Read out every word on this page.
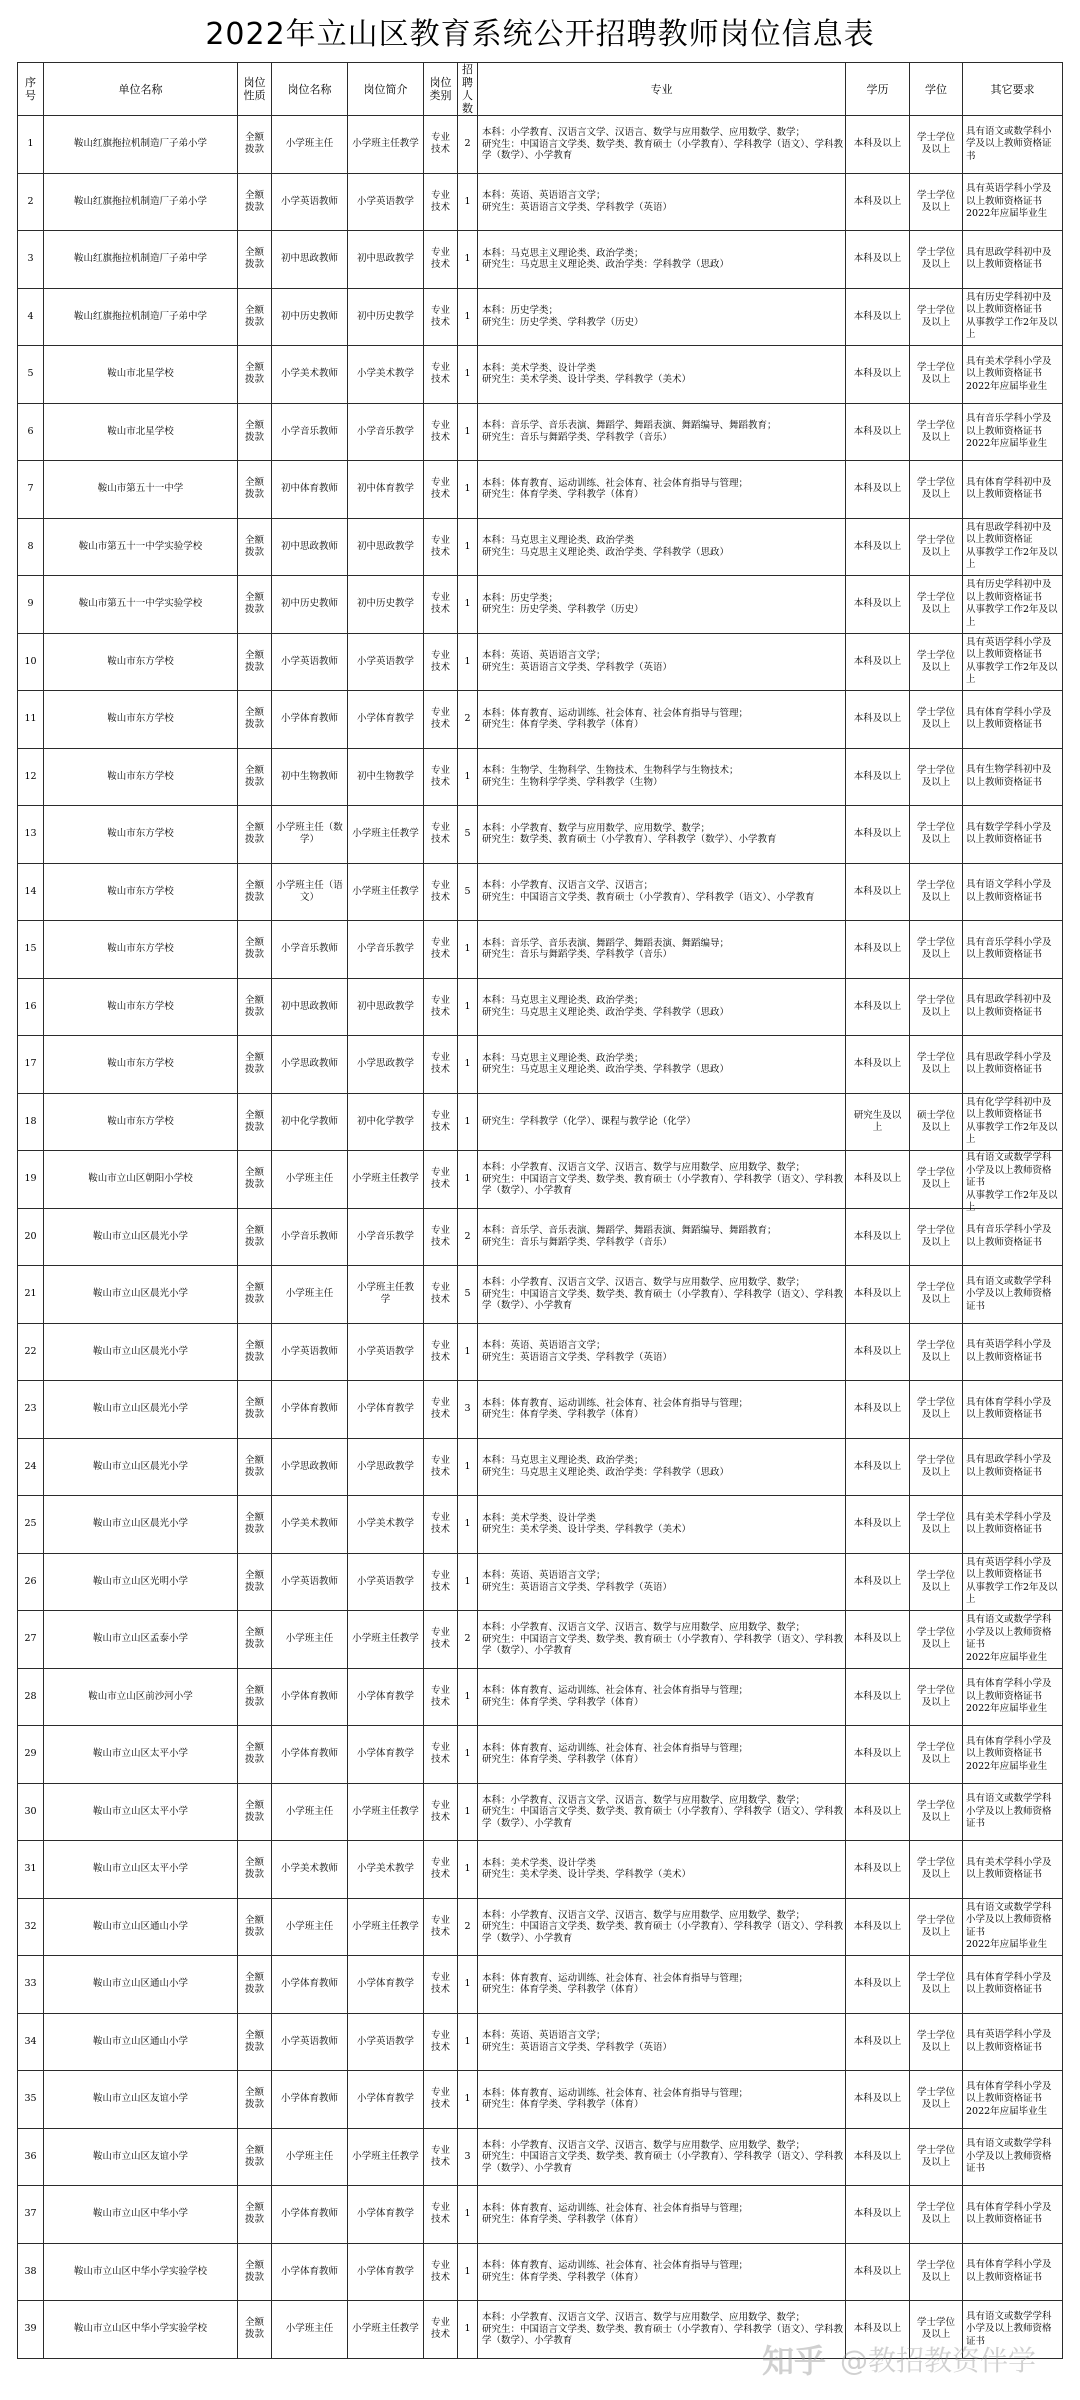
2022年立山区教育系统公开招聘教师岗位信息表
序号	单位名称	岗位
性质	岗位名称	岗位简介	岗位
类别	招聘
人数	专业	学历	学位	其它要求

1	鞍山红旗拖拉机制造厂子弟小学	全额
拨款	小学班主任	小学班主任教学	专业
技术	2	本科：小学教育、汉语言文学、汉语言、数学与应用数学、应用数学、数学；
研究生：中国语言文学类、数学类、教育硕士（小学教育）、学科教学（语文）、学科教学（数学）、小学教育	本科及以上	学士学位
及以上	具有语文或数学科小学及以上教师资格证书

2	鞍山红旗拖拉机制造厂子弟小学	全额
拨款	小学英语教师	小学英语教学	专业
技术	1	本科：英语、英语语言文学；
研究生：英语语言文学类、学科教学（英语）	本科及以上	学士学位
及以上	具有英语学科小学及以上教师资格证书
2022年应届毕业生

3	鞍山红旗拖拉机制造厂子弟中学	全额
拨款	初中思政教师	初中思政教学	专业
技术	1	本科：马克思主义理论类、政治学类；
研究生：马克思主义理论类、政治学类：学科教学（思政）	本科及以上	学士学位
及以上	具有思政学科初中及以上教师资格证书

4	鞍山红旗拖拉机制造厂子弟中学	全额
拨款	初中历史教师	初中历史教学	专业
技术	1	本科：历史学类；
研究生：历史学类、学科教学（历史）	本科及以上	学士学位
及以上	具有历史学科初中及以上教师资格证书
从事教学工作2年及以上

5	鞍山市北星学校	全额
拨款	小学美术教师	小学美术教学	专业
技术	1	本科：美术学类、设计学类
研究生：美术学类、设计学类、学科教学（美术）	本科及以上	学士学位
及以上	具有美术学科小学及以上教师资格证书
2022年应届毕业生

6	鞍山市北星学校	全额
拨款	小学音乐教师	小学音乐教学	专业
技术	1	本科：音乐学、音乐表演、舞蹈学、舞蹈表演、舞蹈编导、舞蹈教育；
研究生：音乐与舞蹈学类、学科教学（音乐）	本科及以上	学士学位
及以上	具有音乐学科小学及以上教师资格证书
2022年应届毕业生

7	鞍山市第五十一中学	全额
拨款	初中体育教师	初中体育教学	专业
技术	1	本科：体育教育、运动训练、社会体育、社会体育指导与管理；
研究生：体育学类、学科教学（体育）	本科及以上	学士学位
及以上	具有体育学科初中及以上教师资格证书

8	鞍山市第五十一中学实验学校	全额
拨款	初中思政教师	初中思政教学	专业
技术	1	本科：马克思主义理论类、政治学类
研究生：马克思主义理论类、政治学类、学科教学（思政）	本科及以上	学士学位
及以上	具有思政学科初中及以上教师资格证
从事教学工作2年及以上

9	鞍山市第五十一中学实验学校	全额
拨款	初中历史教师	初中历史教学	专业
技术	1	本科：历史学类；
研究生：历史学类、学科教学（历史）	本科及以上	学士学位
及以上	具有历史学科初中及以上教师资格证书
从事教学工作2年及以上

10	鞍山市东方学校	全额
拨款	小学英语教师	小学英语教学	专业
技术	1	本科：英语、英语语言文学；
研究生：英语语言文学类、学科教学（英语）	本科及以上	学士学位
及以上	具有英语学科小学及以上教师资格证书
从事教学工作2年及以上

11	鞍山市东方学校	全额
拨款	小学体育教师	小学体育教学	专业
技术	2	本科：体育教育、运动训练、社会体育、社会体育指导与管理；
研究生：体育学类、学科教学（体育）	本科及以上	学士学位
及以上	具有体育学科小学及以上教师资格证书

12	鞍山市东方学校	全额
拨款	初中生物教师	初中生物教学	专业
技术	1	本科：生物学、生物科学、生物技术、生物科学与生物技术；
研究生：生物科学学类、学科教学（生物）	本科及以上	学士学位
及以上	具有生物学科初中及以上教师资格证书

13	鞍山市东方学校	全额
拨款	小学班主任（数学）	小学班主任教学	专业
技术	5	本科：小学教育、数学与应用数学、应用数学、数学；
研究生：数学类、教育硕士（小学教育）、学科教学（数学）、小学教育	本科及以上	学士学位
及以上	具有数学学科小学及以上教师资格证书

14	鞍山市东方学校	全额
拨款	小学班主任（语文）	小学班主任教学	专业
技术	5	本科：小学教育、汉语言文学、汉语言；
研究生：中国语言文学类、教育硕士（小学教育）、学科教学（语文）、小学教育	本科及以上	学士学位
及以上	具有语文学科小学及以上教师资格证书

15	鞍山市东方学校	全额
拨款	小学音乐教师	小学音乐教学	专业
技术	1	本科：音乐学、音乐表演、舞蹈学、舞蹈表演、舞蹈编导；
研究生：音乐与舞蹈学类、学科教学（音乐）	本科及以上	学士学位
及以上	具有音乐学科小学及以上教师资格证书

16	鞍山市东方学校	全额
拨款	初中思政教师	初中思政教学	专业
技术	1	本科：马克思主义理论类、政治学类；
研究生：马克思主义理论类、政治学类、学科教学（思政）	本科及以上	学士学位
及以上	具有思政学科初中及以上教师资格证书

17	鞍山市东方学校	全额
拨款	小学思政教师	小学思政教学	专业
技术	1	本科：马克思主义理论类、政治学类；
研究生：马克思主义理论类、政治学类、学科教学（思政）	本科及以上	学士学位
及以上	具有思政学科小学及以上教师资格证书

18	鞍山市东方学校	全额
拨款	初中化学教师	初中化学教学	专业
技术	1	研究生：学科教学（化学）、课程与教学论（化学）	研究生及以
上	硕士学位
及以上	具有化学学科初中及以上教师资格证书
从事教学工作2年及以上

19	鞍山市立山区朝阳小学校	全额
拨款	小学班主任	小学班主任教学	专业
技术	1	本科：小学教育、汉语言文学、汉语言、数学与应用数学、应用数学、数学；
研究生：中国语言文学类、数学类、教育硕士（小学教育）、学科教学（语文）、学科教学（数学）、小学教育	本科及以上	学士学位
及以上	具有语文或数学学科小学及以上教师资格证书
从事教学工作2年及以上

20	鞍山市立山区晨光小学	全额
拨款	小学音乐教师	小学音乐教学	专业
技术	2	本科：音乐学、音乐表演、舞蹈学、舞蹈表演、舞蹈编导、舞蹈教育；
研究生：音乐与舞蹈学类、学科教学（音乐）	本科及以上	学士学位
及以上	具有音乐学科小学及以上教师资格证书

21	鞍山市立山区晨光小学	全额
拨款	小学班主任	小学班主任教
学	专业
技术	5	本科：小学教育、汉语言文学、汉语言、数学与应用数学、应用数学、数学；
研究生：中国语言文学类、数学类、教育硕士（小学教育）、学科教学（语文）、学科教学（数学）、小学教育	本科及以上	学士学位
及以上	具有语文或数学学科小学及以上教师资格证书

22	鞍山市立山区晨光小学	全额
拨款	小学英语教师	小学英语教学	专业
技术	1	本科：英语、英语语言文学；
研究生：英语语言文学类、学科教学（英语）	本科及以上	学士学位
及以上	具有英语学科小学及以上教师资格证书

23	鞍山市立山区晨光小学	全额
拨款	小学体育教师	小学体育教学	专业
技术	3	本科：体育教育、运动训练、社会体育、社会体育指导与管理；
研究生：体育学类、学科教学（体育）	本科及以上	学士学位
及以上	具有体育学科小学及以上教师资格证书

24	鞍山市立山区晨光小学	全额
拨款	小学思政教师	小学思政教学	专业
技术	1	本科：马克思主义理论类、政治学类；
研究生：马克思主义理论类、政治学类：学科教学（思政）	本科及以上	学士学位
及以上	具有思政学科小学及以上教师资格证书

25	鞍山市立山区晨光小学	全额
拨款	小学美术教师	小学美术教学	专业
技术	1	本科：美术学类、设计学类
研究生：美术学类、设计学类、学科教学（美术）	本科及以上	学士学位
及以上	具有美术学科小学及以上教师资格证书

26	鞍山市立山区光明小学	全额
拨款	小学英语教师	小学英语教学	专业
技术	1	本科：英语、英语语言文学；
研究生：英语语言文学类、学科教学（英语）	本科及以上	学士学位
及以上	具有英语学科小学及以上教师资格证书
从事教学工作2年及以上

27	鞍山市立山区孟泰小学	全额
拨款	小学班主任	小学班主任教学	专业
技术	2	本科：小学教育、汉语言文学、汉语言、数学与应用数学、应用数学、数学；
研究生：中国语言文学类、数学类、教育硕士（小学教育）、学科教学（语文）、学科教学（数学）、小学教育	本科及以上	学士学位
及以上	具有语文或数学学科小学及以上教师资格证书
2022年应届毕业生

28	鞍山市立山区前沙河小学	全额
拨款	小学体育教师	小学体育教学	专业
技术	1	本科：体育教育、运动训练、社会体育、社会体育指导与管理；
研究生：体育学类、学科教学（体育）	本科及以上	学士学位
及以上	具有体育学科小学及以上教师资格证书
2022年应届毕业生

29	鞍山市立山区太平小学	全额
拨款	小学体育教师	小学体育教学	专业
技术	1	本科：体育教育、运动训练、社会体育、社会体育指导与管理；
研究生：体育学类、学科教学（体育）	本科及以上	学士学位
及以上	具有体育学科小学及以上教师资格证书
2022年应届毕业生

30	鞍山市立山区太平小学	全额
拨款	小学班主任	小学班主任教学	专业
技术	1	本科：小学教育、汉语言文学、汉语言、数学与应用数学、应用数学、数学；
研究生：中国语言文学类、数学类、教育硕士（小学教育）、学科教学（语文）、学科教学（数学）、小学教育	本科及以上	学士学位
及以上	具有语文或数学学科小学及以上教师资格证书

31	鞍山市立山区太平小学	全额
拨款	小学美术教师	小学美术教学	专业
技术	1	本科：美术学类、设计学类
研究生：美术学类、设计学类、学科教学（美术）	本科及以上	学士学位
及以上	具有美术学科小学及以上教师资格证书

32	鞍山市立山区通山小学	全额
拨款	小学班主任	小学班主任教学	专业
技术	2	本科：小学教育、汉语言文学、汉语言、数学与应用数学、应用数学、数学；
研究生：中国语言文学类、数学类、教育硕士（小学教育）、学科教学（语文）、学科教学（数学）、小学教育	本科及以上	学士学位
及以上	具有语文或数学学科小学及以上教师资格证书
2022年应届毕业生

33	鞍山市立山区通山小学	全额
拨款	小学体育教师	小学体育教学	专业
技术	1	本科：体育教育、运动训练、社会体育、社会体育指导与管理；
研究生：体育学类、学科教学（体育）	本科及以上	学士学位
及以上	具有体育学科小学及以上教师资格证书

34	鞍山市立山区通山小学	全额
拨款	小学英语教师	小学英语教学	专业
技术	1	本科：英语、英语语言文学；
研究生：英语语言文学类、学科教学（英语）	本科及以上	学士学位
及以上	具有英语学科小学及以上教师资格证书

35	鞍山市立山区友谊小学	全额
拨款	小学体育教师	小学体育教学	专业
技术	1	本科：体育教育、运动训练、社会体育、社会体育指导与管理；
研究生：体育学类、学科教学（体育）	本科及以上	学士学位
及以上	具有体育学科小学及以上教师资格证书
2022年应届毕业生

36	鞍山市立山区友谊小学	全额
拨款	小学班主任	小学班主任教学	专业
技术	3	本科：小学教育、汉语言文学、汉语言、数学与应用数学、应用数学、数学；
研究生：中国语言文学类、数学类、教育硕士（小学教育）、学科教学（语文）、学科教学（数学）、小学教育	本科及以上	学士学位
及以上	具有语文或数学学科小学及以上教师资格证书

37	鞍山市立山区中华小学	全额
拨款	小学体育教师	小学体育教学	专业
技术	1	本科：体育教育、运动训练、社会体育、社会体育指导与管理；
研究生：体育学类、学科教学（体育）	本科及以上	学士学位
及以上	具有体育学科小学及以上教师资格证书

38	鞍山市立山区中华小学实验学校	全额
拨款	小学体育教师	小学体育教学	专业
技术	1	本科：体育教育、运动训练、社会体育、社会体育指导与管理；
研究生：体育学类、学科教学（体育）	本科及以上	学士学位
及以上	具有体育学科小学及以上教师资格证书

39	鞍山市立山区中华小学实验学校	全额
拨款	小学班主任	小学班主任教学	专业
技术	1	本科：小学教育、汉语言文学、汉语言、数学与应用数学、应用数学、数学；
研究生：中国语言文学类、数学类、教育硕士（小学教育）、学科教学（语文）、学科教学（数学）、小学教育	本科及以上	学士学位
及以上	具有语文或数学学科小学及以上教师资格证书
知乎 @教招教资伴学
